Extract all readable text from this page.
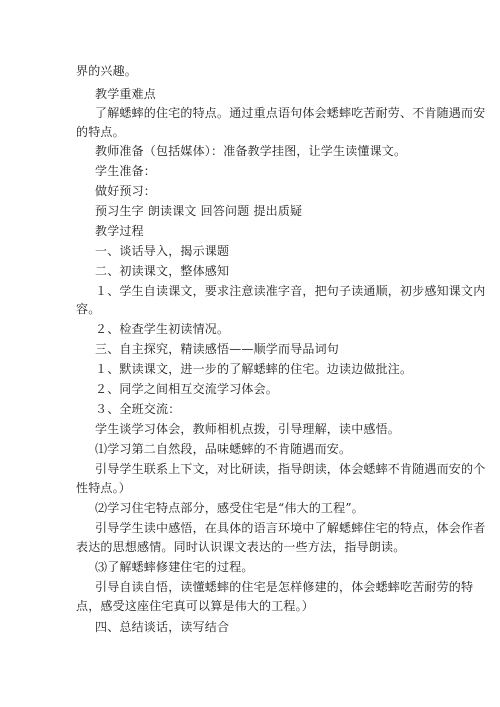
界的兴趣。
教学重难点
了解蟋蟀的住宅的特点。通过重点语句体会蟋蟀吃苦耐劳、不肯随遇而安
的特点。
教师准备（包括媒体）：准备教学挂图，让学生读懂课文。
学生准备：
做好预习：
预习生字 朗读课文 回答问题 提出质疑
教学过程
一、谈话导入，揭示课题
二、初读课文，整体感知
１、学生自读课文，要求注意读准字音，把句子读通顺，初步感知课文内
容。
２、检查学生初读情况。
三、自主探究，精读感悟——顺学而导品词句
１、默读课文，进一步的了解蟋蟀的住宅。边读边做批注。
２、同学之间相互交流学习体会。
３、全班交流：
学生谈学习体会，教师相机点拨，引导理解，读中感悟。
⑴学习第二自然段，品味蟋蟀的不肯随遇而安。
引导学生联系上下文，对比研读，指导朗读，体会蟋蟀不肯随遇而安的个
性特点。）
⑵学习住宅特点部分，感受住宅是“伟大的工程”。
引导学生读中感悟，在具体的语言环境中了解蟋蟀住宅的特点，体会作者
表达的思想感情。同时认识课文表达的一些方法，指导朗读。
⑶了解蟋蟀修建住宅的过程。
引导自读自悟，读懂蟋蟀的住宅是怎样修建的，体会蟋蟀吃苦耐劳的特
点，感受这座住宅真可以算是伟大的工程。）
四、总结谈话，读写结合
